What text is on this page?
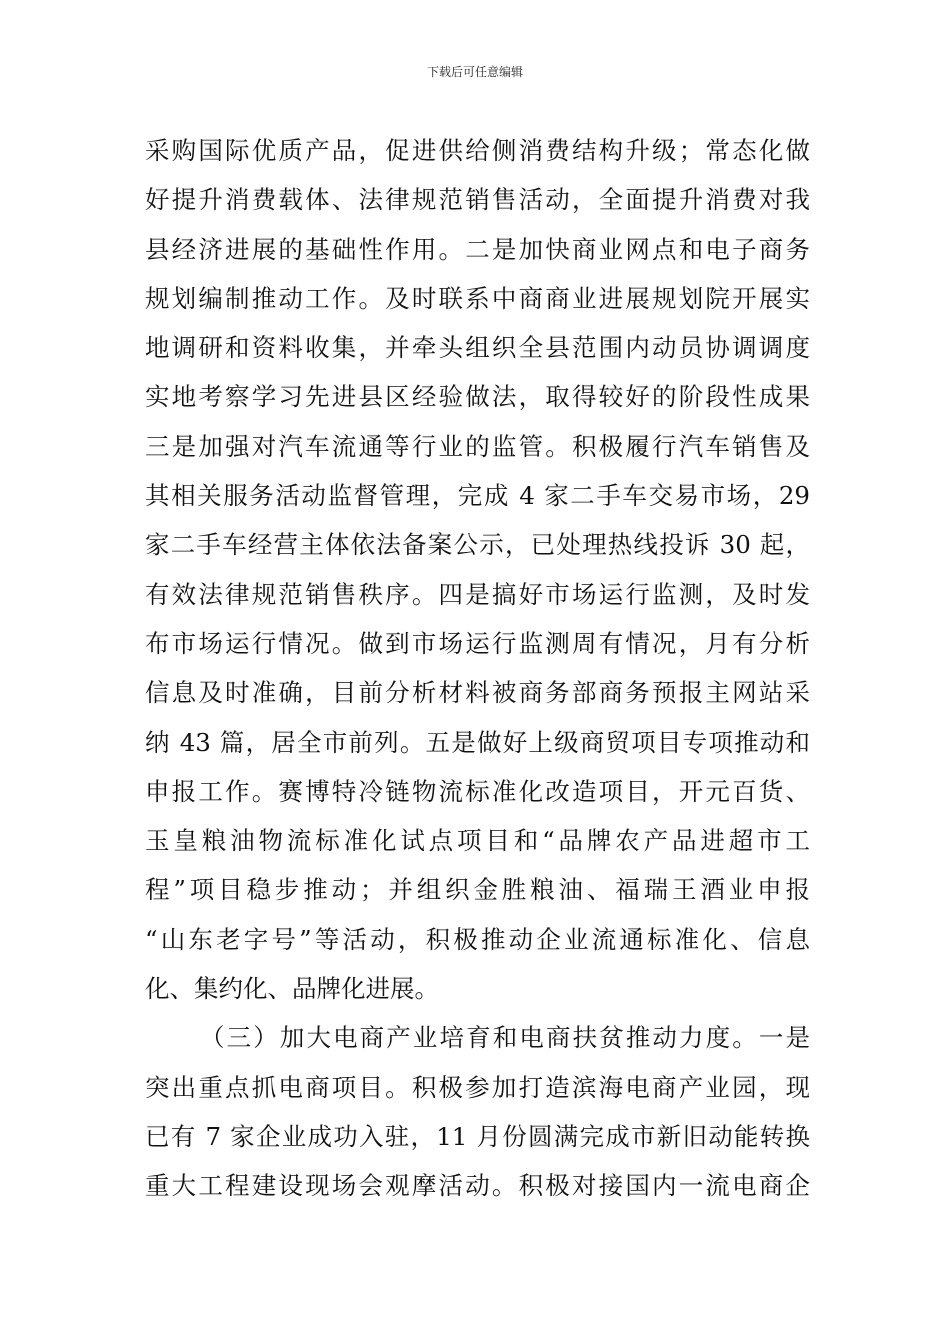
下载后可任意编辑
采购国际优质产品，促进供给侧消费结构升级；常态化做
好提升消费载体、法律规范销售活动，全面提升消费对我
县经济进展的基础性作用。二是加快商业网点和电子商务
规划编制推动工作。及时联系中商商业进展规划院开展实
地调研和资料收集，并牵头组织全县范围内动员协调调度
实地考察学习先进县区经验做法，取得较好的阶段性成果
三是加强对汽车流通等行业的监管。积极履行汽车销售及
其相关服务活动监督管理，完成 4 家二手车交易市场，29
家二手车经营主体依法备案公示，已处理热线投诉 30 起，
有效法律规范销售秩序。四是搞好市场运行监测，及时发
布市场运行情况。做到市场运行监测周有情况，月有分析
信息及时准确，目前分析材料被商务部商务预报主网站采
纳 43 篇，居全市前列。五是做好上级商贸项目专项推动和
申报工作。赛博特冷链物流标准化改造项目，开元百货、
玉皇粮油物流标准化试点项目和“品牌农产品进超市工
程”项目稳步推动；并组织金胜粮油、福瑞王酒业申报
“山东老字号”等活动，积极推动企业流通标准化、信息
化、集约化、品牌化进展。
（三）加大电商产业培育和电商扶贫推动力度。一是
突出重点抓电商项目。积极参加打造滨海电商产业园，现
已有 7 家企业成功入驻，11 月份圆满完成市新旧动能转换
重大工程建设现场会观摩活动。积极对接国内一流电商企
